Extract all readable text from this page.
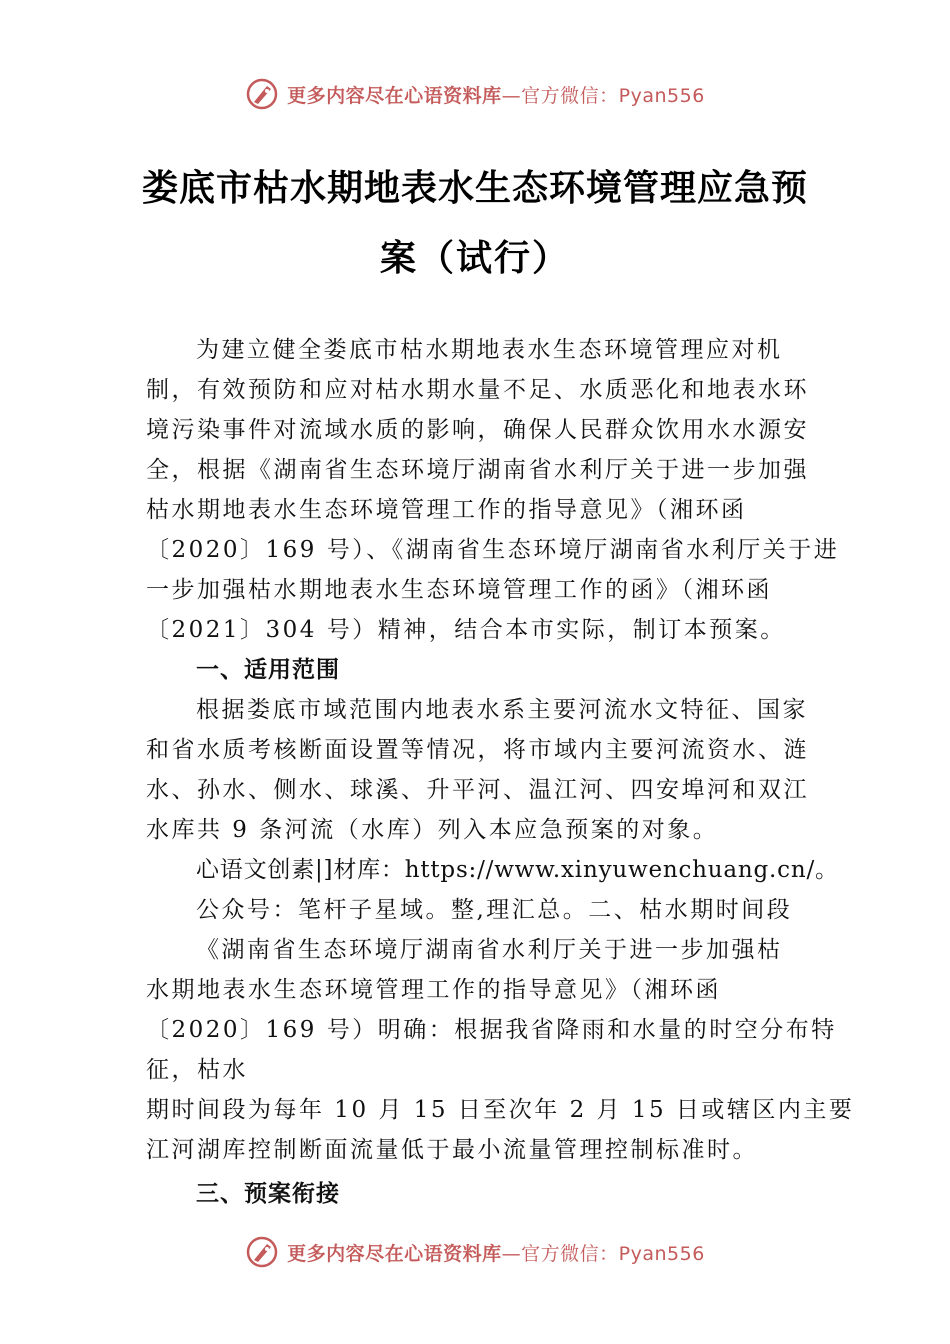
更多内容尽在心语资料库—官方微信：Pyan556
娄底市枯水期地表水生态环境管理应急预
案（试行）
为建立健全娄底市枯水期地表水生态环境管理应对机
制，有效预防和应对枯水期水量不足、水质恶化和地表水环
境污染事件对流域水质的影响，确保人民群众饮用水水源安
全，根据《湖南省生态环境厅湖南省水利厅关于进一步加强
枯水期地表水生态环境管理工作的指导意见》（湘环函
〔2020〕169 号）、《湖南省生态环境厅湖南省水利厅关于进
一步加强枯水期地表水生态环境管理工作的函》（湘环函
〔2021〕304 号）精神，结合本市实际，制订本预案。
一、适用范围
根据娄底市域范围内地表水系主要河流水文特征、国家
和省水质考核断面设置等情况，将市域内主要河流资水、涟
水、孙水、侧水、球溪、升平河、温江河、四安埠河和双江
水库共 9 条河流（水库）列入本应急预案的对象。
心语文创素|]材库：https://www.xinyuwenchuang.cn/。
公众号：笔杆子星域。整,理汇总。二、枯水期时间段
《湖南省生态环境厅湖南省水利厅关于进一步加强枯
水期地表水生态环境管理工作的指导意见》（湘环函
〔2020〕169 号）明确：根据我省降雨和水量的时空分布特
征，枯水
期时间段为每年 10 月 15 日至次年 2 月 15 日或辖区内主要
江河湖库控制断面流量低于最小流量管理控制标准时。
三、预案衔接
更多内容尽在心语资料库—官方微信：Pyan556
